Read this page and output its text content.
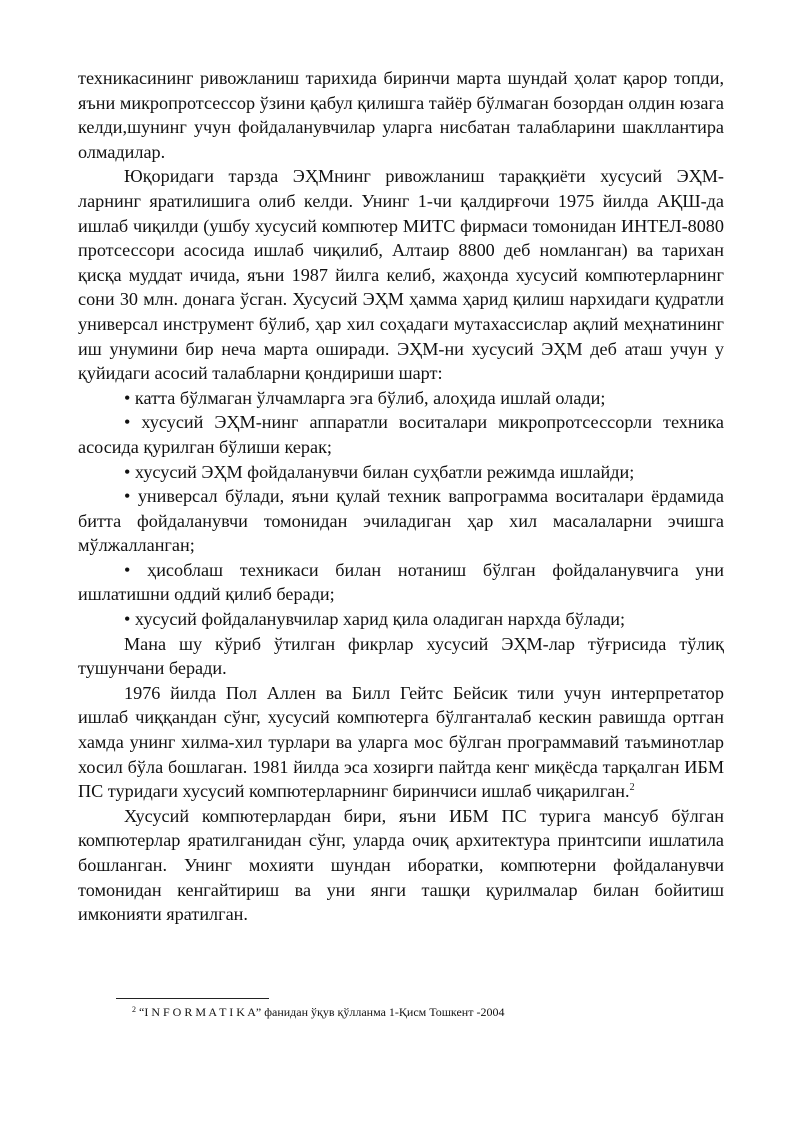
техникасининг ривожланиш тарихида биринчи марта шундай ҳолат қарор топди, яъни микропротсессор ўзини қабул қилишга тайёр бўлмаган бозордан олдин юзага келди,шунинг учун фойдаланувчилар уларга нисбатан талабларини шакллантира олмадилар.

Юқоридаги тарзда ЭҲМнинг ривожланиш тараққиёти хусусий ЭҲМ-ларнинг яратилишига олиб келди. Унинг 1-чи қалдирғочи 1975 йилда АҚШ-да ишлаб чиқилди (ушбу хусусий компютер МИТС фирмаси томонидан ИНТЕЛ-8080 протсессори асосида ишлаб чиқилиб, Алтаир 8800 деб номланган) ва тарихан қисқа муддат ичида, яъни 1987 йилга келиб, жаҳонда хусусий компютерларнинг сони 30 млн. донага ўсган. Хусусий ЭҲМ ҳамма ҳарид қилиш нархидаги қудратли универсал инструмент бўлиб, ҳар хил соҳадаги мутахассислар ақлий меҳнатининг иш унумини бир неча марта оширади. ЭҲМ-ни хусусий ЭҲМ деб аташ учун у қуйидаги асосий талабларни қондириши шарт:

• катта бўлмаган ўлчамларга эга бўлиб, алоҳида ишлай олади;

• хусусий ЭҲМ-нинг аппаратли воситалари микропротсессорли техника асосида қурилган бўлиши керак;

• хусусий ЭҲМ фойдаланувчи билан суҳбатли режимда ишлайди;

• универсал бўлади, яъни қулай техник вапрограмма воситалари ёрдамида битта фойдаланувчи томонидан эчиладиган ҳар хил масалаларни эчишга мўлжалланган;

• ҳисоблаш техникаси билан нотаниш бўлган фойдаланувчига уни ишлатишни оддий қилиб беради;

• хусусий фойдаланувчилар харид қила оладиган нархда бўлади;

Мана шу кўриб ўтилган фикрлар хусусий ЭҲМ-лар тўғрисида тўлиқ тушунчани беради.

1976 йилда Пол Аллен ва Билл Гейтс Бейсик тили учун интерпретатор ишлаб чиққандан сўнг, хусусий компютерга бўлганталаб кескин равишда ортган хамда унинг хилма-хил турлари ва уларга мос бўлган программавий таъминотлар хосил бўла бошлаган. 1981 йилда эса хозирги пайтда кенг миқёсда тарқалган ИБМ ПС туридаги хусусий компютерларнинг биринчиси ишлаб чиқарилган.$^2$

Хусусий компютерлардан бири, яъни ИБМ ПС турига мансуб бўлган компютерлар яратилганидан сўнг, уларда очиқ архитектура принтсипи ишлатила бошланган. Унинг мохияти шундан иборатки, компютерни фойдаланувчи томонидан кенгайтириш ва уни янги ташқи қурилмалар билан бойитиш имконияти яратилган.

$^2$ “I N F O R M A T I K A” фанидан ўқув қўлланма 1-Қисм Тошкент -2004
